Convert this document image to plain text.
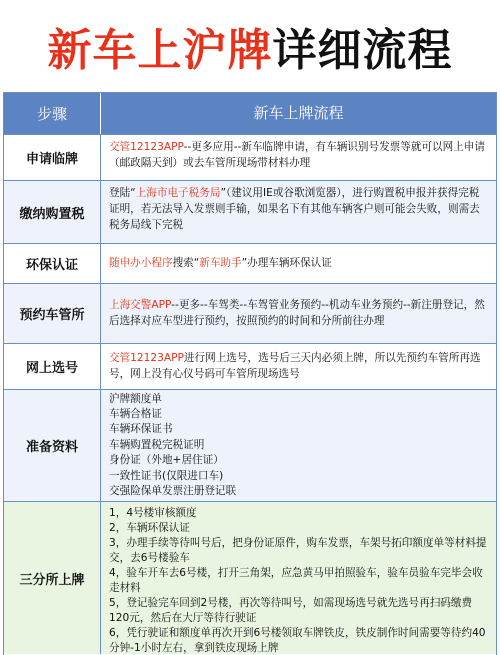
新车上沪牌详细流程
步骤	新车上牌流程
申请临牌
交管12123APP--更多应用--新车临牌申请，有车辆识别号发票等就可以网上申请（邮政隔天到）或去车管所现场带材料办理
缴纳购置税
登陆“上海市电子税务局”（建议用IE或谷歌浏览器），进行购置税申报并获得完税证明，若无法导入发票则手输，如果名下有其他车辆客户则可能会失败，则需去税务局线下完税
环保认证	随申办小程序搜索“新车助手”办理车辆环保认证
预约车管所
上海交警APP--更多--车驾类--车驾管业务预约--机动车业务预约--新注册登记，然后选择对应车型进行预约，按照预约的时间和分所前往办理
网上选号
交管12123APP进行网上选号，选号后三天内必须上牌，所以先预约车管所再选号，网上没有心仪号码可车管所现场选号
准备资料
沪牌额度单
车辆合格证
车辆环保证书
车辆购置税完税证明
身份证（外地+居住证）
一致性证书(仅限进口车)
交强险保单发票注册登记联
三分所上牌
1，4号楼审核额度
2，车辆环保认证
3，办理手续等待叫号后，把身份证原件，购车发票，车架号拓印额度单等材料提交，去6号楼验车
4，验车开车去6号楼，打开三角架，应急黄马甲拍照验车，验车员验车完毕会收走材料
5，登记验完车回到2号楼，再次等待叫号，如需现场选号就先选号再扫码缴费120元，然后在大厅等待行驶证
6，凭行驶证和额度单再次开到6号楼领取车牌铁皮，铁皮制作时间需要等待约40分钟-1小时左右，拿到铁皮现场上牌
